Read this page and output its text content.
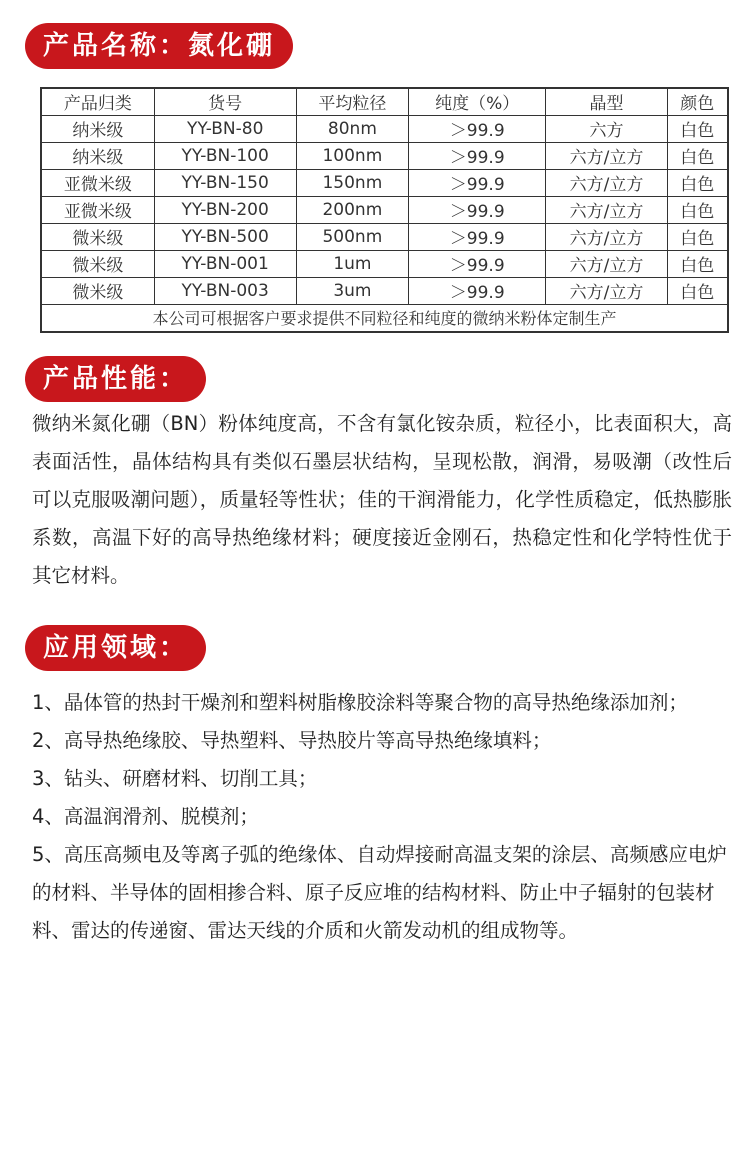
产品名称：氮化硼
产品归类	货号	平均粒径	纯度（%）	晶型	颜色
纳米级	YY-BN-80	80nm	＞99.9	六方	白色
纳米级	YY-BN-100	100nm	＞99.9	六方/立方	白色
亚微米级	YY-BN-150	150nm	＞99.9	六方/立方	白色
亚微米级	YY-BN-200	200nm	＞99.9	六方/立方	白色
微米级	YY-BN-500	500nm	＞99.9	六方/立方	白色
微米级	YY-BN-001	1um	＞99.9	六方/立方	白色
微米级	YY-BN-003	3um	＞99.9	六方/立方	白色
本公司可根据客户要求提供不同粒径和纯度的微纳米粉体定制生产					
产品性能：

微纳米氮化硼（BN）粉体纯度高，不含有氯化铵杂质，粒径小，比表面积大，高表面活性，晶体结构具有类似石墨层状结构，呈现松散，润滑，易吸潮（改性后可以克服吸潮问题），质量轻等性状；佳的干润滑能力，化学性质稳定，低热膨胀系数，高温下好的高导热绝缘材料；硬度接近金刚石，热稳定性和化学特性优于其它材料。

应用领域：
1、晶体管的热封干燥剂和塑料树脂橡胶涂料等聚合物的高导热绝缘添加剂；
2、高导热绝缘胶、导热塑料、导热胶片等高导热绝缘填料；
3、钻头、研磨材料、切削工具；
4、高温润滑剂、脱模剂；
5、高压高频电及等离子弧的绝缘体、自动焊接耐高温支架的涂层、高频感应电炉的材料、半导体的固相掺合料、原子反应堆的结构材料、防止中子辐射的包装材料、雷达的传递窗、雷达天线的介质和火箭发动机的组成物等。
